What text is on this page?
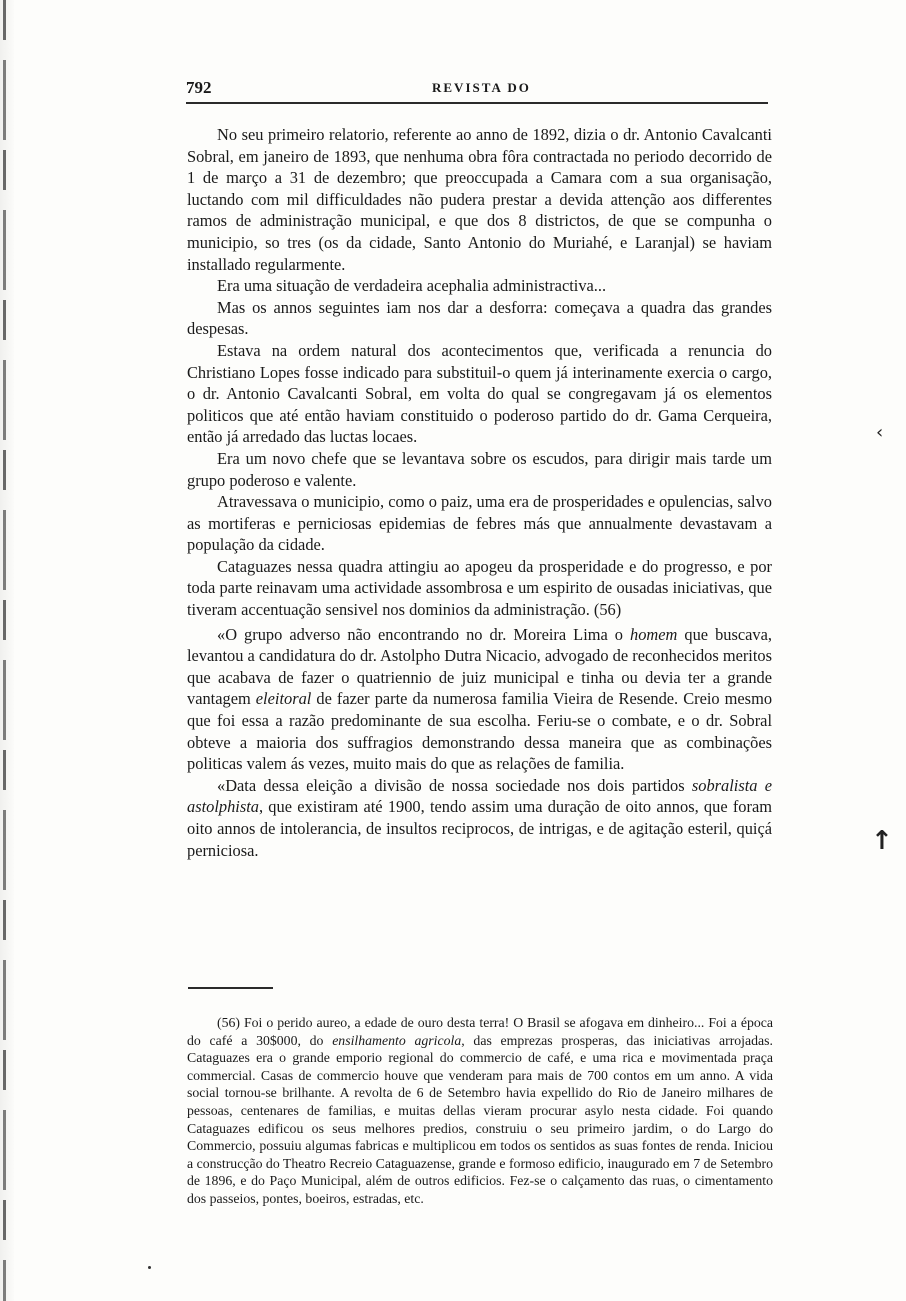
792	REVISTA DO

No seu primeiro relatorio, referente ao anno de 1892, dizia o dr. Antonio Cavalcanti Sobral, em janeiro de 1893, que nenhuma obra fôra contractada no periodo decorrido de 1 de março a 31 de dezembro; que preoccupada a Camara com a sua organisação, luctando com mil difficuldades não pudera prestar a devida attenção aos differentes ramos de administração municipal, e que dos 8 districtos, de que se compunha o municipio, so tres (os da cidade, Santo Antonio do Muriahé, e Laranjal) se haviam installado regularmente.

Era uma situação de verdadeira acephalia administractiva...

Mas os annos seguintes iam nos dar a desforra: começava a quadra das grandes despesas.

Estava na ordem natural dos acontecimentos que, verificada a renuncia do Christiano Lopes fosse indicado para substituil-o quem já interinamente exercia o cargo, o dr. Antonio Cavalcanti Sobral, em volta do qual se congregavam já os elementos politicos que até então haviam constituido o poderoso partido do dr. Gama Cerqueira, então já arredado das luctas locaes.

Era um novo chefe que se levantava sobre os escudos, para dirigir mais tarde um grupo poderoso e valente.

Atravessava o municipio, como o paiz, uma era de prosperidades e opulencias, salvo as mortiferas e perniciosas epidemias de febres más que annualmente devastavam a população da cidade.

Cataguazes nessa quadra attingiu ao apogeu da prosperidade e do progresso, e por toda parte reinavam uma actividade assombrosa e um espirito de ousadas iniciativas, que tiveram accentuação sensivel nos dominios da administração. (56)

«O grupo adverso não encontrando no dr. Moreira Lima o homem que buscava, levantou a candidatura do dr. Astolpho Dutra Nicacio, advogado de reconhecidos meritos que acabava de fazer o quatriennio de juiz municipal e tinha ou devia ter a grande vantagem eleitoral de fazer parte da numerosa familia Vieira de Resende. Creio mesmo que foi essa a razão predominante de sua escolha. Feriu-se o combate, e o dr. Sobral obteve a maioria dos suffragios demonstrando dessa maneira que as combinações politicas valem ás vezes, muito mais do que as relações de familia.

«Data dessa eleição a divisão de nossa sociedade nos dois partidos sobralista e astolphista, que existiram até 1900, tendo assim uma duração de oito annos, que foram oito annos de intolerancia, de insultos reciprocos, de intrigas, e de agitação esteril, quiçá perniciosa.

(56) Foi o perido aureo, a edade de ouro desta terra! O Brasil se afogava em dinheiro... Foi a época do café a 30$000, do ensilhamento agricola, das emprezas prosperas, das iniciativas arrojadas. Cataguazes era o grande emporio regional do commercio de café, e uma rica e movimentada praça commercial. Casas de commercio houve que venderam para mais de 700 contos em um anno. A vida social tornou-se brilhante. A revolta de 6 de Setembro havia expellido do Rio de Janeiro milhares de pessoas, centenares de familias, e muitas dellas vieram procurar asylo nesta cidade. Foi quando Cataguazes edificou os seus melhores predios, construiu o seu primeiro jardim, o do Largo do Commercio, possuiu algumas fabricas e multiplicou em todos os sentidos as suas fontes de renda. Iniciou a construcção do Theatro Recreio Cataguazense, grande e formoso edificio, inaugurado em 7 de Setembro de 1896, e do Paço Municipal, além de outros edificios. Fez-se o calçamento das ruas, o cimentamento dos passeios, pontes, boeiros, estradas, etc.

‹
↑
